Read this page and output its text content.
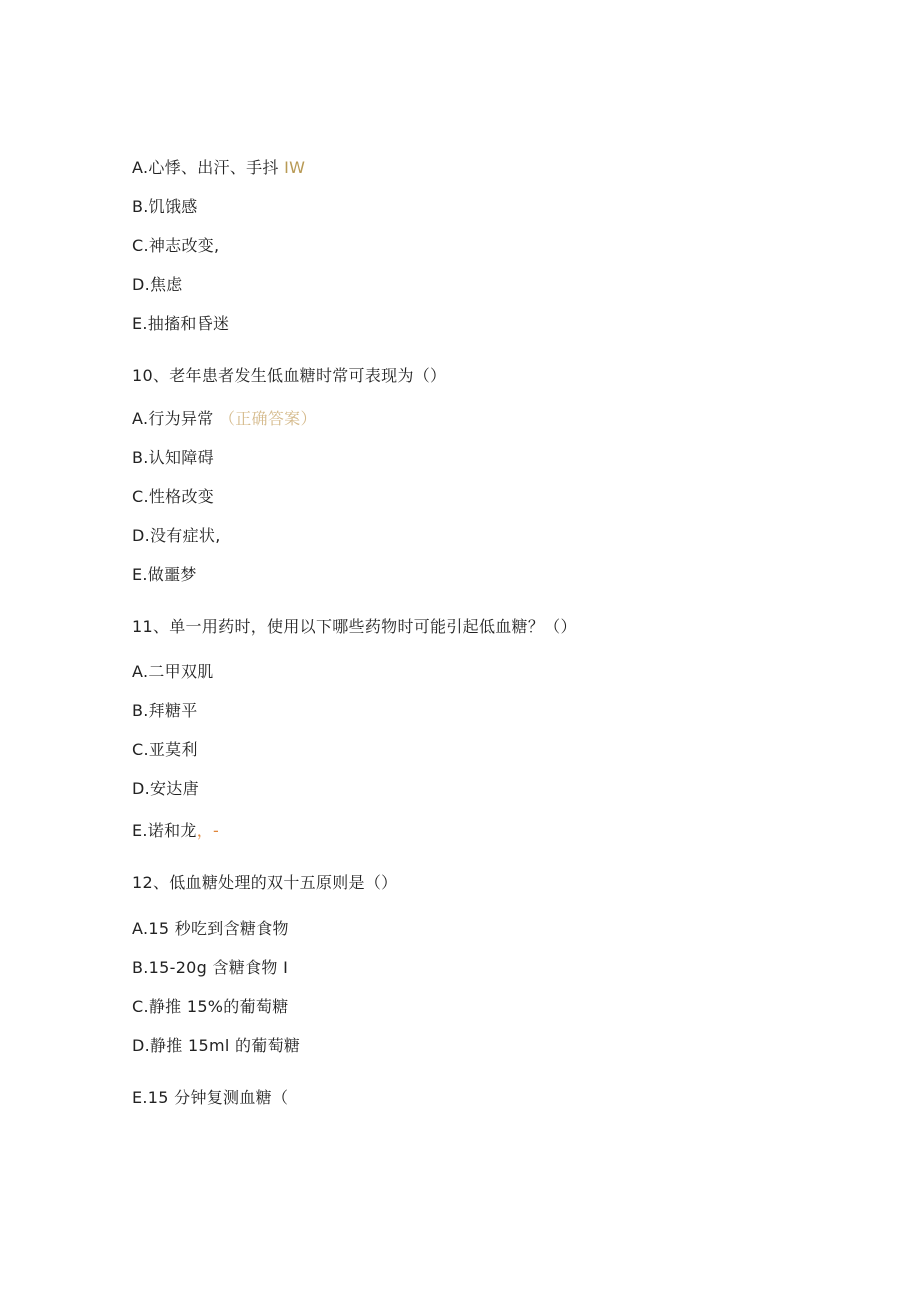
A.心悸、出汗、手抖 IW
B.饥饿感
C.神志改变,
D.焦虑
E.抽搐和昏迷
10、老年患者发生低血糖时常可表现为（）
A.行为异常 （正确答案）
B.认知障碍
C.性格改变
D.没有症状,
E.做噩梦
11、单一用药时，使用以下哪些药物时可能引起低血糖？（）
A.二甲双肌
B.拜糖平
C.亚莫利
D.安达唐
E.诺和龙，-
12、低血糖处理的双十五原则是（）
A.15 秒吃到含糖食物
B.15-20g 含糖食物 I
C.静推 15%的葡萄糖
D.静推 15ml 的葡萄糖
E.15 分钟复测血糖（
